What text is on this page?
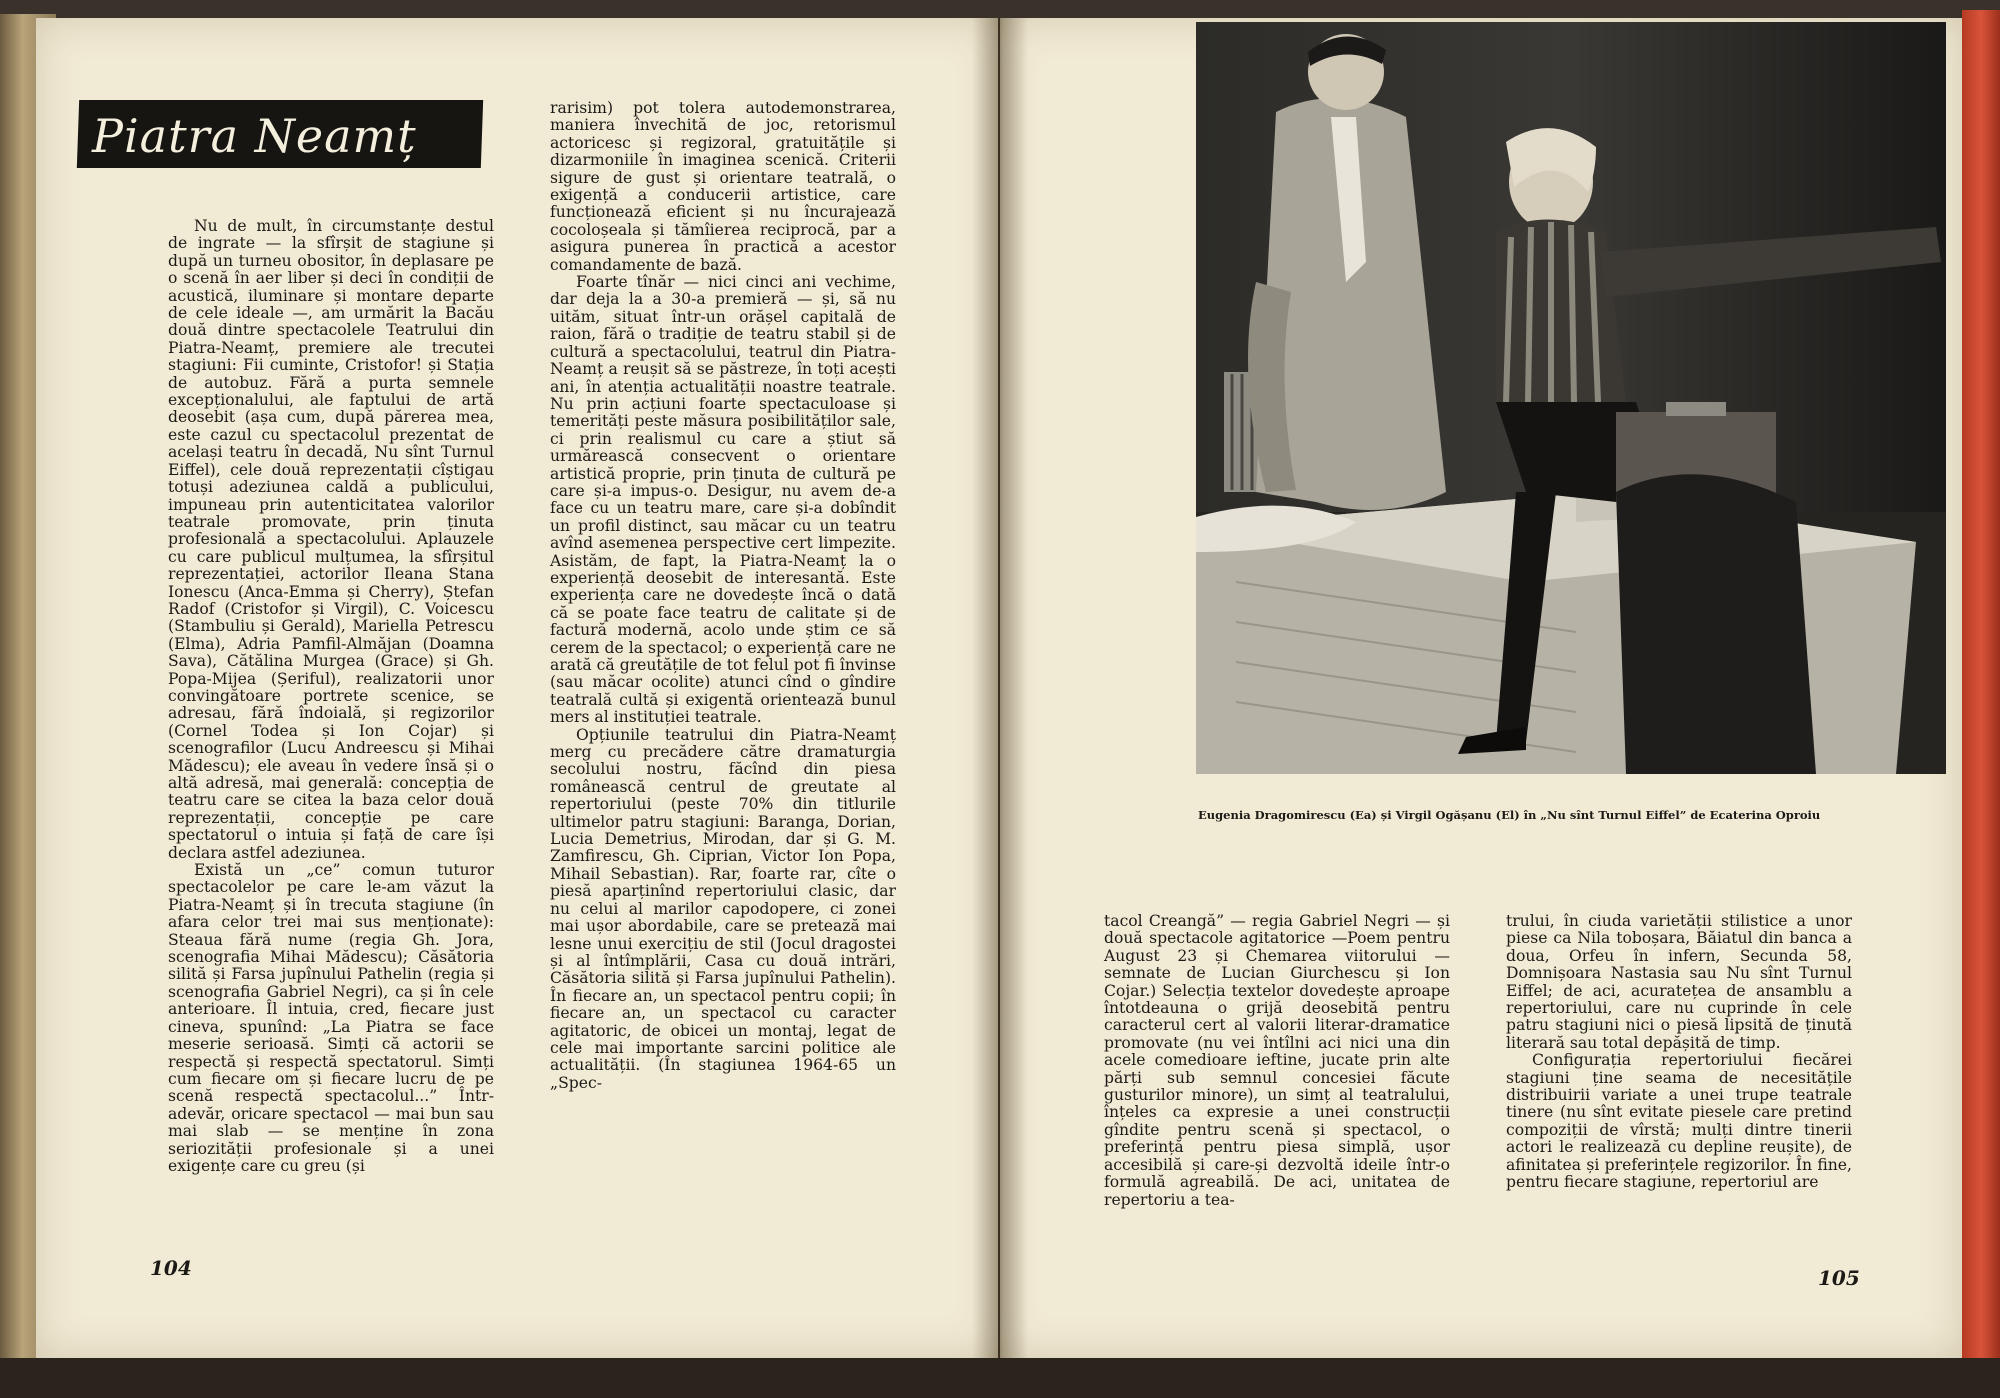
Piatra Neamț

Nu de mult, în circumstanțe destul de ingrate — la sfîrșit de stagiune și după un turneu obositor, în deplasare pe o scenă în aer liber și deci în condiții de acustică, iluminare și montare departe de cele ideale —, am urmărit la Bacău două dintre spectacolele Teatrului din Piatra-Neamț, premiere ale trecutei stagiuni: Fii cuminte, Cristofor! și Stația de autobuz. Fără a purta semnele excepționalului, ale faptului de artă deosebit (așa cum, după părerea mea, este cazul cu spectacolul prezentat de același teatru în decadă, Nu sînt Turnul Eiffel), cele două reprezentații cîștigau totuși adeziunea caldă a publicului, impuneau prin autenticitatea valorilor teatrale promovate, prin ținuta profesională a spectacolului. Aplauzele cu care publicul mulțumea, la sfîrșitul reprezentației, actorilor Ileana Stana Ionescu (Anca-Emma și Cherry), Ștefan Radof (Cristofor și Virgil), C. Voicescu (Stambuliu și Gerald), Mariella Petrescu (Elma), Adria Pamfil-Almăjan (Doamna Sava), Cătălina Murgea (Grace) și Gh. Popa-Mijea (Șeriful), realizatorii unor convingătoare portrete scenice, se adresau, fără îndoială, și regizorilor (Cornel Todea și Ion Cojar) și scenografilor (Lucu Andreescu și Mihai Mădescu); ele aveau în vedere însă și o altă adresă, mai generală: concepția de teatru care se citea la baza celor două reprezentații, concepție pe care spectatorul o intuia și față de care își declara astfel adeziunea.

Există un „ce” comun tuturor spectacolelor pe care le-am văzut la Piatra-Neamț și în trecuta stagiune (în afara celor trei mai sus menționate): Steaua fără nume (regia Gh. Jora, scenografia Mihai Mădescu); Căsătoria silită și Farsa jupînului Pathelin (regia și scenografia Gabriel Negri), ca și în cele anterioare. Îl intuia, cred, fiecare just cineva, spunînd: „La Piatra se face meserie serioasă. Simți că actorii se respectă și respectă spectatorul. Simți cum fiecare om și fiecare lucru de pe scenă respectă spectacolul...” Într-adevăr, oricare spectacol — mai bun sau mai slab — se menține în zona seriozității profesionale și a unei exigențe care cu greu (și

rarisim) pot tolera autodemonstrarea, maniera învechită de joc, retorismul actoricesc și regizoral, gratuitățile și dizarmoniile în imaginea scenică. Criterii sigure de gust și orientare teatrală, o exigență a conducerii artistice, care funcționează eficient și nu încurajează cocoloșeala și tămîierea reciprocă, par a asigura punerea în practică a acestor comandamente de bază.

Foarte tînăr — nici cinci ani vechime, dar deja la a 30-a premieră — și, să nu uităm, situat într-un orășel capitală de raion, fără o tradiție de teatru stabil și de cultură a spectacolului, teatrul din Piatra-Neamț a reușit să se păstreze, în toți acești ani, în atenția actualității noastre teatrale. Nu prin acțiuni foarte spectaculoase și temerități peste măsura posibilităților sale, ci prin realismul cu care a știut să urmărească consecvent o orientare artistică proprie, prin ținuta de cultură pe care și-a impus-o. Desigur, nu avem de-a face cu un teatru mare, care și-a dobîndit un profil distinct, sau măcar cu un teatru avînd asemenea perspective cert limpezite. Asistăm, de fapt, la Piatra-Neamț la o experiență deosebit de interesantă. Este experiența care ne dovedește încă o dată că se poate face teatru de calitate și de factură modernă, acolo unde știm ce să cerem de la spectacol; o experiență care ne arată că greutățile de tot felul pot fi învinse (sau măcar ocolite) atunci cînd o gîndire teatrală cultă și exigentă orientează bunul mers al instituției teatrale.

Opțiunile teatrului din Piatra-Neamț merg cu precădere către dramaturgia secolului nostru, făcînd din piesa românească centrul de greutate al repertoriului (peste 70% din titlurile ultimelor patru stagiuni: Baranga, Dorian, Lucia Demetrius, Mirodan, dar și G. M. Zamfirescu, Gh. Ciprian, Victor Ion Popa, Mihail Sebastian). Rar, foarte rar, cîte o piesă aparținînd repertoriului clasic, dar nu celui al marilor capodopere, ci zonei mai ușor abordabile, care se pretează mai lesne unui exercițiu de stil (Jocul dragostei și al întîmplării, Casa cu două intrări, Căsătoria silită și Farsa jupînului Pathelin). În fiecare an, un spectacol pentru copii; în fiecare an, un spectacol cu caracter agitatoric, de obicei un montaj, legat de cele mai importante sarcini politice ale actualității. (În stagiunea 1964-65 un „Spec-

104
Eugenia Dragomirescu (Ea) și Virgil Ogășanu (El) în „Nu sînt Turnul Eiffel” de Ecaterina Oproiu

tacol Creangă” — regia Gabriel Negri — și două spectacole agitatorice —Poem pentru August 23 și Chemarea viitorului — semnate de Lucian Giurchescu și Ion Cojar.) Selecția textelor dovedește aproape întotdeauna o grijă deosebită pentru caracterul cert al valorii literar-dramatice promovate (nu vei întîlni aci nici una din acele comedioare ieftine, jucate prin alte părți sub semnul concesiei făcute gusturilor minore), un simț al teatralului, înțeles ca expresie a unei construcții gîndite pentru scenă și spectacol, o preferință pentru piesa simplă, ușor accesibilă și care-și dezvoltă ideile într-o formulă agreabilă. De aci, unitatea de repertoriu a tea-

trului, în ciuda varietății stilistice a unor piese ca Nila toboșara, Băiatul din banca a doua, Orfeu în infern, Secunda 58, Domnișoara Nastasia sau Nu sînt Turnul Eiffel; de aci, acuratețea de ansamblu a repertoriului, care nu cuprinde în cele patru stagiuni nici o piesă lipsită de ținută literară sau total depășită de timp.

Configurația repertoriului fiecărei stagiuni ține seama de necesitățile distribuirii variate a unei trupe teatrale tinere (nu sînt evitate piesele care pretind compoziții de vîrstă; mulți dintre tinerii actori le realizează cu depline reușite), de afinitatea și preferințele regizorilor. În fine, pentru fiecare stagiune, repertoriul are

105
